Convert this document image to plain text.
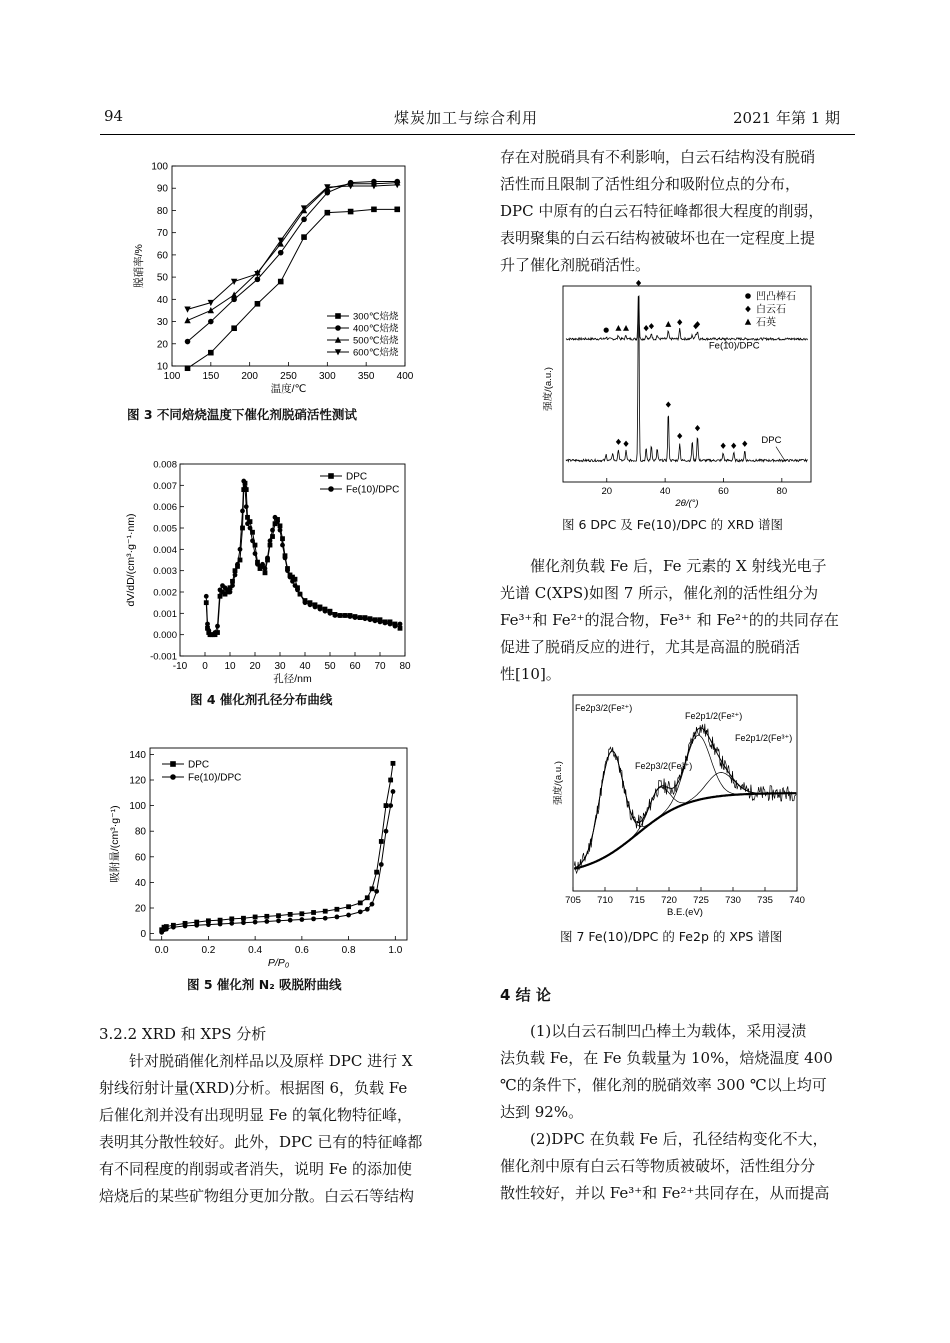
94	煤炭加工与综合利用	2021 年第 1 期
100 150 200 250 300 350 400
10
20
30
40
50
60
70
80
90
100
温度/℃
脱硝率/%
300℃焙烧
400℃焙烧
500℃焙烧
600℃焙烧
图 3 不同焙烧温度下催化剂脱硝活性测试
-10 0 10 20 30 40 50 60 70 80
-0.001
0.000
0.001
0.002
0.003
0.004
0.005
0.006
0.007
0.008
孔径/nm
dV/dD/(cm³·g⁻¹·nm)
DPC
Fe(10)/DPC
图 4 催化剂孔径分布曲线
0.0	0.2	0.4	0.6	0.8	1.0
0
20
40
60
80
100
120
140
P/P₀
吸附量/(cm³·g⁻¹)
DPC
Fe(10)/DPC
图 5 催化剂 N₂ 吸脱附曲线
3.2.2 XRD 和 XPS 分析
针对脱硝催化剂样品以及原样 DPC 进行 X
射线衍射计量(XRD)分析。根据图 6，负载 Fe
后催化剂并没有出现明显 Fe 的氧化物特征峰，
表明其分散性较好。此外，DPC 已有的特征峰都
有不同程度的削弱或者消失，说明 Fe 的添加使
焙烧后的某些矿物组分更加分散。白云石等结构
存在对脱硝具有不利影响，白云石结构没有脱硝
活性而且限制了活性组分和吸附位点的分布，
DPC 中原有的白云石特征峰都很大程度的削弱，
表明聚集的白云石结构被破坏也在一定程度上提
升了催化剂脱硝活性。
20	40	60	80
2θ/(°)
强度/(a.u.)
Fe(10)/DPC
DPC
凹凸棒石
白云石
石英
图 6 DPC 及 Fe(10)/DPC 的 XRD 谱图
催化剂负载 Fe 后，Fe 元素的 X 射线光电子
光谱 C(XPS)如图 7 所示，催化剂的活性组分为
Fe³⁺和 Fe²⁺的混合物，Fe³⁺ 和 Fe²⁺的的共同存在
促进了脱硝反应的进行，尤其是高温的脱硝活
性[10]。
705 710 715 720 725 730 735 740
B.E.(eV)
强度/(a.u.)
Fe2p3/2(Fe²⁺)
Fe2p3/2(Fe³⁺)
Fe2p1/2(Fe²⁺)
Fe2p1/2(Fe³⁺)
图 7 Fe(10)/DPC 的 Fe2p 的 XPS 谱图
4 结 论
(1)以白云石制凹凸棒土为载体，采用浸渍
法负载 Fe，在 Fe 负载量为 10%，焙烧温度 400
℃的条件下，催化剂的脱硝效率 300 ℃以上均可
达到 92%。
(2)DPC 在负载 Fe 后，孔径结构变化不大，
催化剂中原有白云石等物质被破坏，活性组分分
散性较好，并以 Fe³⁺和 Fe²⁺共同存在，从而提高
